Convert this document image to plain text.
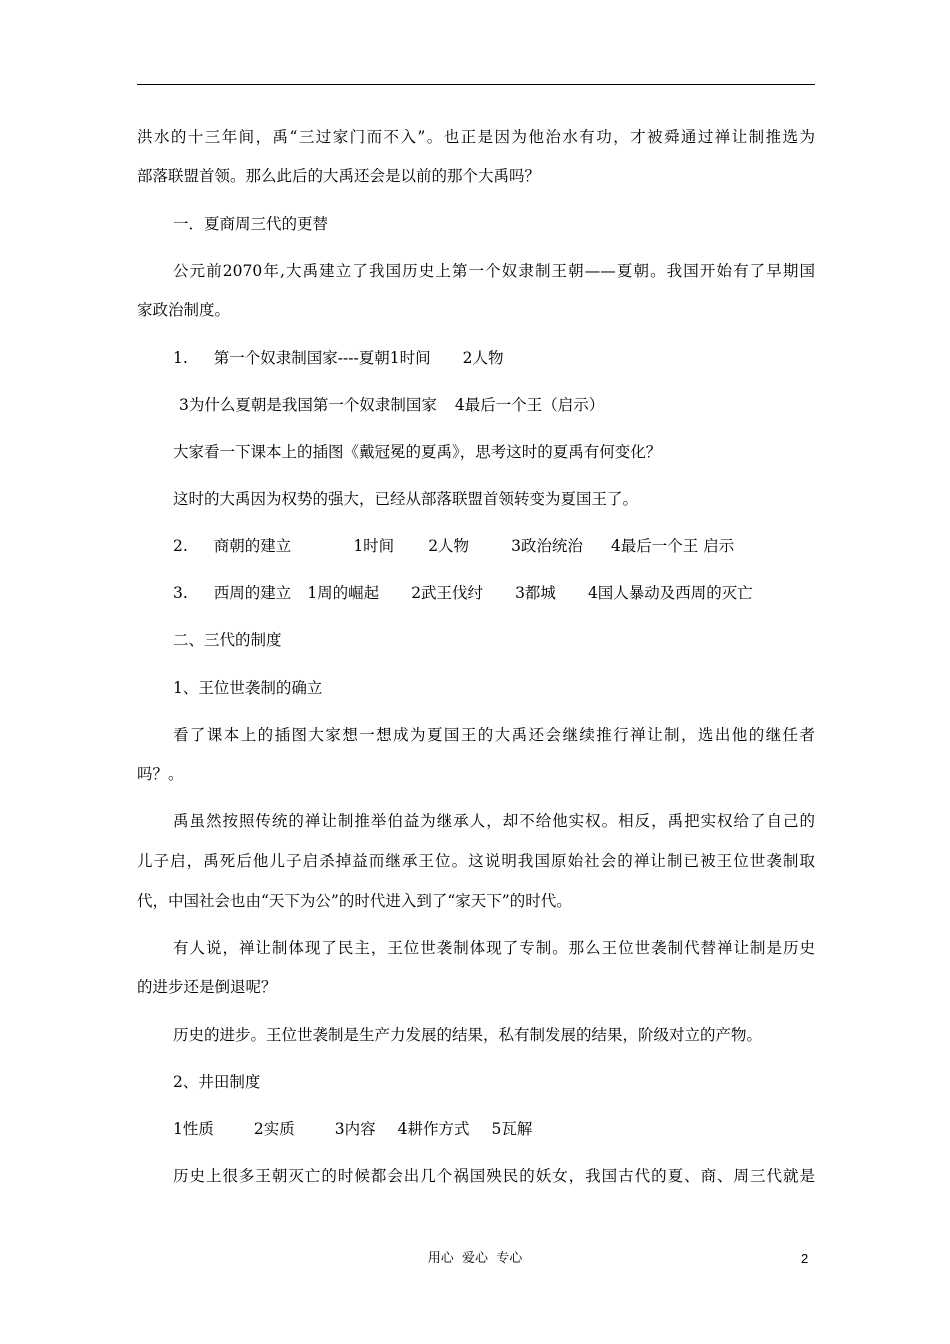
洪水的十三年间，禹“三过家门而不入”。也正是因为他治水有功，才被舜通过禅让制推选为
部落联盟首领。那么此后的大禹还会是以前的那个大禹吗？
一．夏商周三代的更替
公元前2070年,大禹建立了我国历史上第一个奴隶制王朝——夏朝。我国开始有了早期国
家政治制度。
1. 第一个奴隶制国家----夏朝1时间 2人物
3为什么夏朝是我国第一个奴隶制国家 4最后一个王（启示）
大家看一下课本上的插图《戴冠冕的夏禹》，思考这时的夏禹有何变化？
这时的大禹因为权势的强大，已经从部落联盟首领转变为夏国王了。
2. 商朝的建立	1时间 2人物	3政治统治 4最后一个王 启示
3. 西周的建立 1周的崛起 2武王伐纣 3都城 4国人暴动及西周的灭亡
二、三代的制度
1、王位世袭制的确立
看了课本上的插图大家想一想成为夏国王的大禹还会继续推行禅让制，选出他的继任者
吗？。
禹虽然按照传统的禅让制推举伯益为继承人，却不给他实权。相反，禹把实权给了自己的
儿子启，禹死后他儿子启杀掉益而继承王位。这说明我国原始社会的禅让制已被王位世袭制取
代，中国社会也由“天下为公”的时代进入到了“家天下”的时代。
有人说，禅让制体现了民主，王位世袭制体现了专制。那么王位世袭制代替禅让制是历史
的进步还是倒退呢？
历史的进步。王位世袭制是生产力发展的结果，私有制发展的结果，阶级对立的产物。
2、井田制度
1性质	2实质	3内容 4耕作方式 5瓦解
历史上很多王朝灭亡的时候都会出几个祸国殃民的妖女，我国古代的夏、商、周三代就是
用心  爱心  专心	2
